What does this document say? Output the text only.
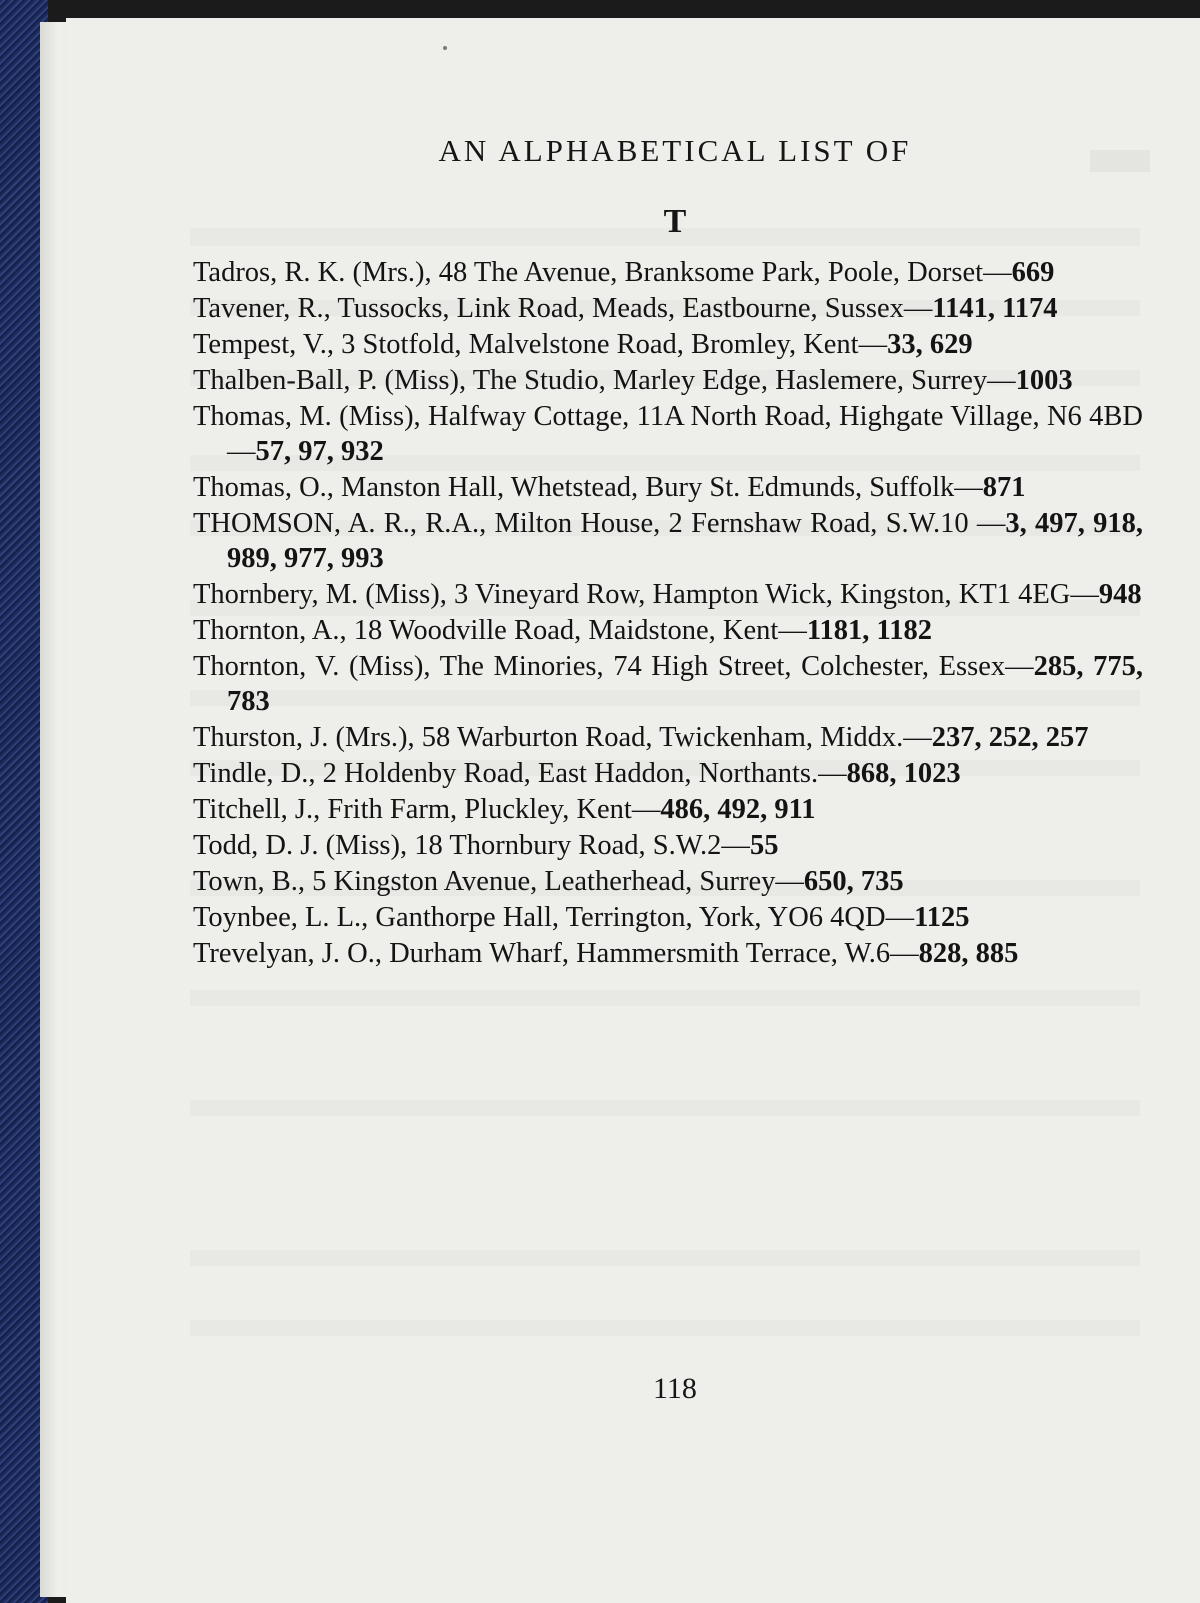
AN ALPHABETICAL LIST OF
T
Tadros, R. K. (Mrs.), 48 The Avenue, Branksome Park, Poole, Dorset—669
Tavener, R., Tussocks, Link Road, Meads, Eastbourne, Sussex—1141, 1174
Tempest, V., 3 Stotfold, Malvelstone Road, Bromley, Kent—33, 629
Thalben-Ball, P. (Miss), The Studio, Marley Edge, Haslemere, Surrey—1003
Thomas, M. (Miss), Halfway Cottage, 11A North Road, Highgate Village, N6 4BD—57, 97, 932
Thomas, O., Manston Hall, Whetstead, Bury St. Edmunds, Suffolk—871
THOMSON, A. R., R.A., Milton House, 2 Fernshaw Road, S.W.10 —3, 497, 918, 989, 977, 993
Thornbery, M. (Miss), 3 Vineyard Row, Hampton Wick, Kingston, KT1 4EG—948
Thornton, A., 18 Woodville Road, Maidstone, Kent—1181, 1182
Thornton, V. (Miss), The Minories, 74 High Street, Colchester, Essex—285, 775, 783
Thurston, J. (Mrs.), 58 Warburton Road, Twickenham, Middx.—237, 252, 257
Tindle, D., 2 Holdenby Road, East Haddon, Northants.—868, 1023
Titchell, J., Frith Farm, Pluckley, Kent—486, 492, 911
Todd, D. J. (Miss), 18 Thornbury Road, S.W.2—55
Town, B., 5 Kingston Avenue, Leatherhead, Surrey—650, 735
Toynbee, L. L., Ganthorpe Hall, Terrington, York, YO6 4QD—1125
Trevelyan, J. O., Durham Wharf, Hammersmith Terrace, W.6—828, 885
118
